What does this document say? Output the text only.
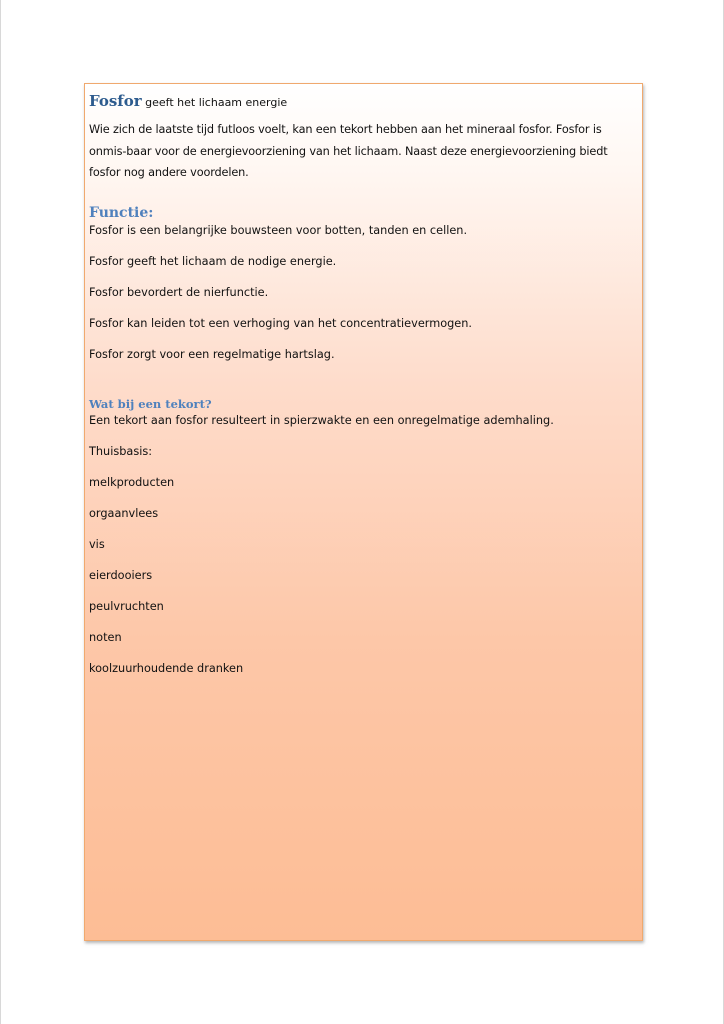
Fosfor geeft het lichaam energie

Wie zich de laatste tijd futloos voelt, kan een tekort hebben aan het mineraal fosfor. Fosfor is onmis-baar voor de energievoorziening van het lichaam. Naast deze energievoorziening biedt fosfor nog andere voordelen.

Functie:

Fosfor is een belangrijke bouwsteen voor botten, tanden en cellen.

Fosfor geeft het lichaam de nodige energie.

Fosfor bevordert de nierfunctie.

Fosfor kan leiden tot een verhoging van het concentratievermogen.

Fosfor zorgt voor een regelmatige hartslag.

Wat bij een tekort?

Een tekort aan fosfor resulteert in spierzwakte en een onregelmatige ademhaling.

Thuisbasis:

melkproducten

orgaanvlees

vis

eierdooiers

peulvruchten

noten

koolzuurhoudende dranken
